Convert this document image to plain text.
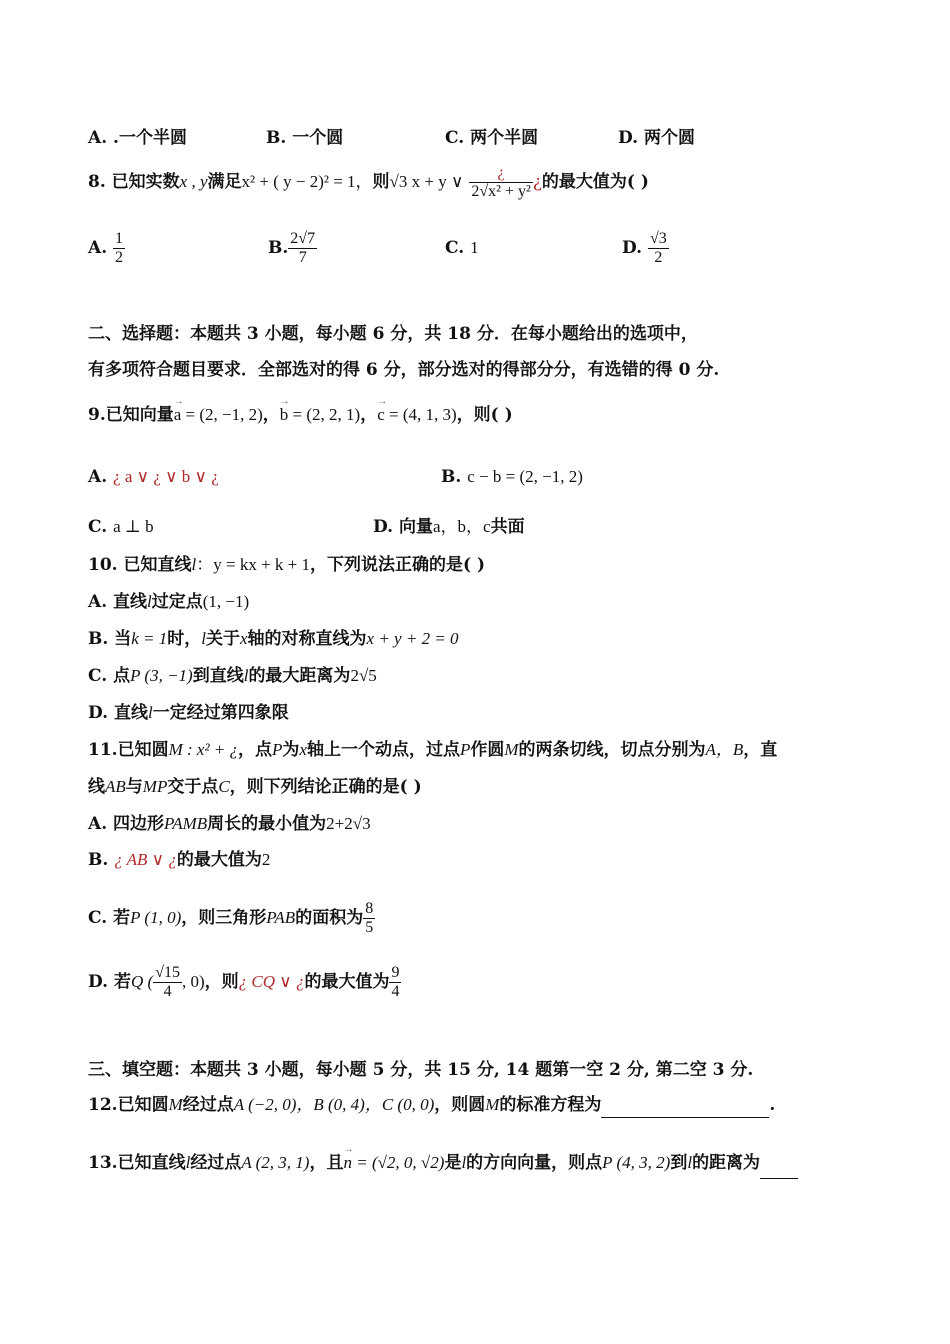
A. .一个半圆	B. 一个圆	C. 两个半圆	D. 两个圆
8. 已知实数x , y满足x² + ( y − 2)² = 1，则√3 x + y ∨ $\frac{¿}{\text{2√x² + y²}}$ ¿的最大值为( )
A. $\frac{1}{2}$	B. $\frac{2√7}{7}$	C. 1	D. $\frac{√3}{2}$
二、选择题：本题共 3 小题，每小题 6 分，共 18 分．在每小题给出的选项中，
有多项符合题目要求．全部选对的得 6 分，部分选对的得部分分，有选错的得 0 分.
9.已知向量→ a = (2, −1, 2)，→ b = (2, 2, 1)，→ c = (4, 1, 3)，则( )
A. ¿ a ∨ ¿ ∨ b ∨ ¿	B. c − b = (2, −1, 2)
C. a ⊥ b	D. 向量a，b，c共面
10. 已知直线l：y = kx + k + 1，下列说法正确的是( )
A. 直线l过定点(1, −1)
B. 当k = 1时，l关于x轴的对称直线为x + y + 2 = 0
C. 点P (3, −1)到直线l的最大距离为2√5
D. 直线l一定经过第四象限
11.已知圆M : x² + ¿，点P为x轴上一个动点，过点P作圆M的两条切线，切点分别为A，B，直
线AB与MP交于点C，则下列结论正确的是( )
A. 四边形PAMB周长的最小值为2+2√3
B. ¿ AB ∨ ¿的最大值为2
C. 若P (1, 0)，则三角形PAB的面积为 $\frac{8}{5}$
D. 若Q ( $\frac{√15}{4}$ , 0)，则¿ CQ ∨ ¿的最大值为 $\frac{9}{4}$
三、填空题：本题共 3 小题，每小题 5 分，共 15 分, 14 题第一空 2 分, 第二空 3 分.
12.已知圆M经过点A (−2, 0)，B (0, 4)，C (0, 0)，则圆M的标准方程为	.
13.已知直线l经过点A (2, 3, 1)，且→ n = (√2, 0, √2)是l的方向向量，则点P (4, 3, 2)到l的距离为
